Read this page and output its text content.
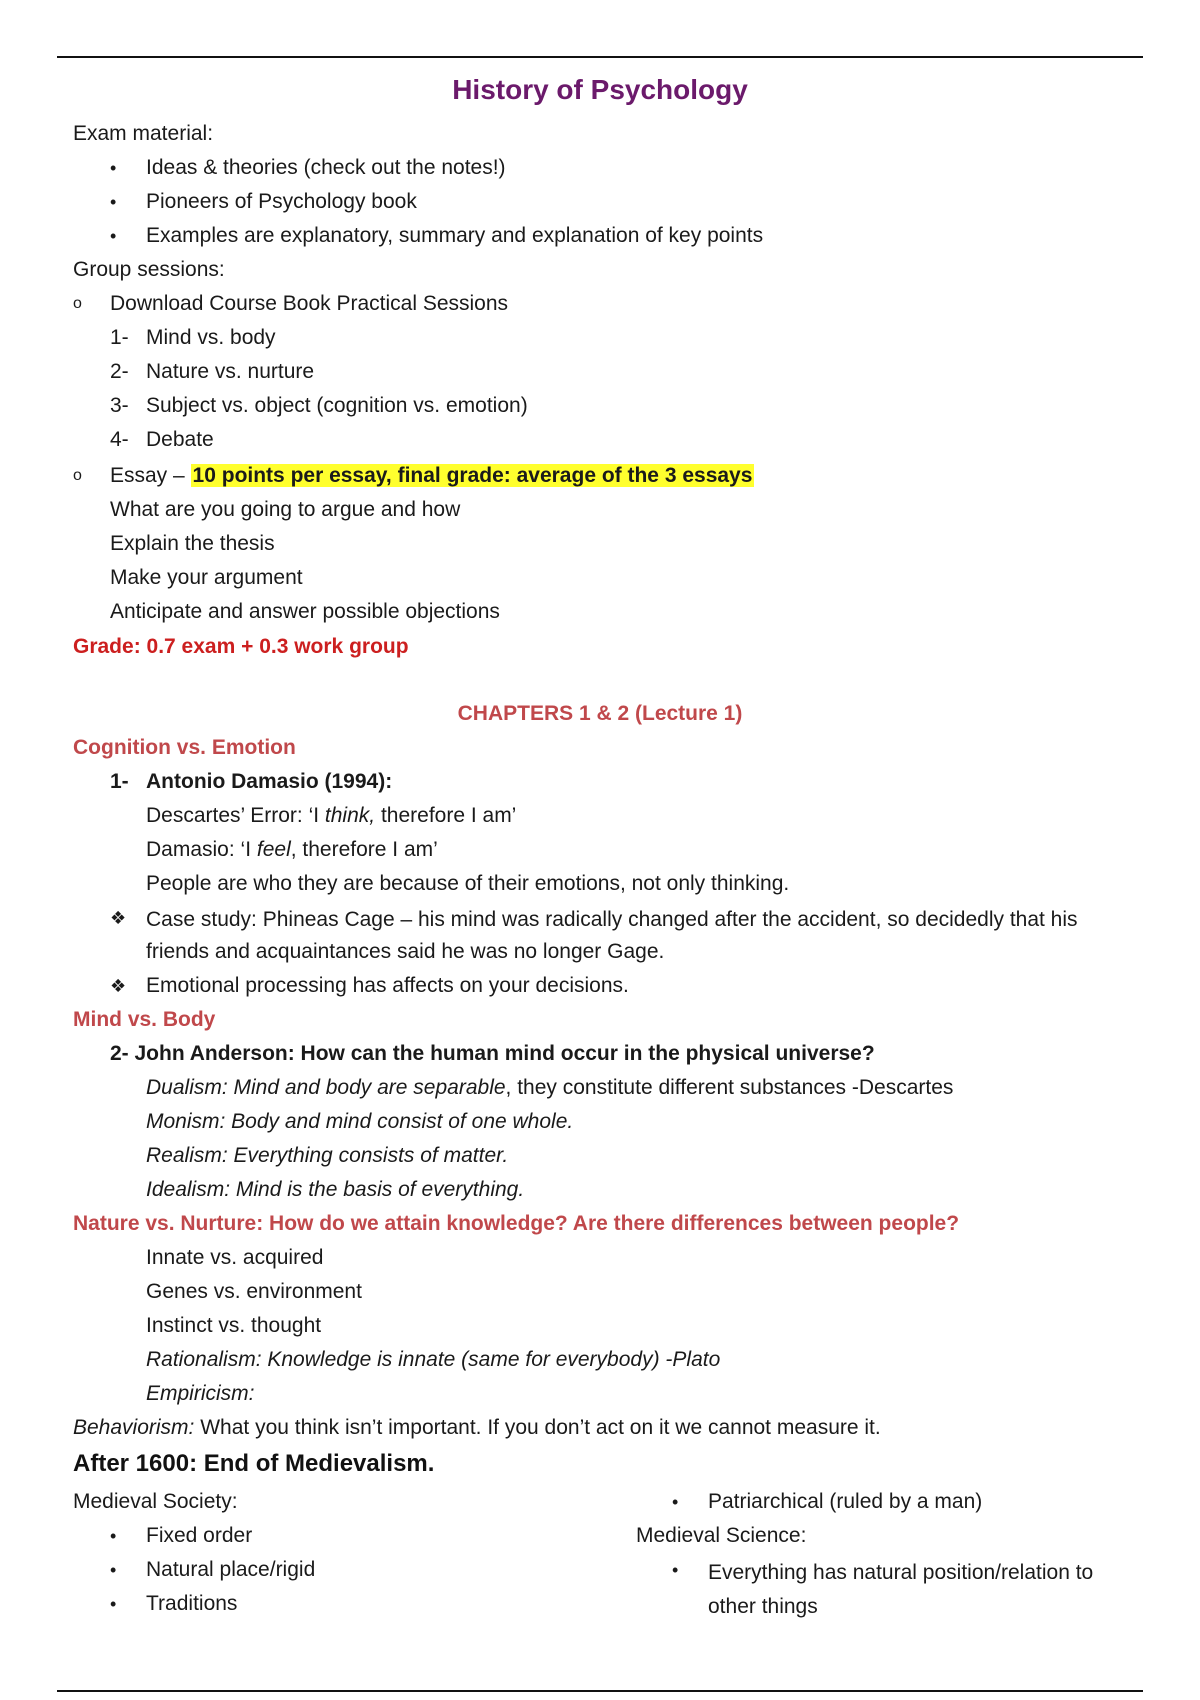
History of Psychology
Exam material:
• Ideas & theories (check out the notes!)
• Pioneers of Psychology book
• Examples are explanatory, summary and explanation of key points
Group sessions:
o Download Course Book Practical Sessions
1- Mind vs. body
2- Nature vs. nurture
3- Subject vs. object (cognition vs. emotion)
4- Debate
o Essay – 10 points per essay, final grade: average of the 3 essays
What are you going to argue and how
Explain the thesis
Make your argument
Anticipate and answer possible objections
Grade: 0.7 exam + 0.3 work group
CHAPTERS 1 & 2 (Lecture 1)
Cognition vs. Emotion
1- Antonio Damasio (1994):
Descartes’ Error: ‘I think, therefore I am’
Damasio: ‘I feel, therefore I am’
People are who they are because of their emotions, not only thinking.
❖ Case study: Phineas Cage – his mind was radically changed after the accident, so decidedly that his friends and acquaintances said he was no longer Gage.
❖ Emotional processing has affects on your decisions.
Mind vs. Body
2- John Anderson: How can the human mind occur in the physical universe?
Dualism: Mind and body are separable, they constitute different substances -Descartes
Monism: Body and mind consist of one whole.
Realism: Everything consists of matter.
Idealism: Mind is the basis of everything.
Nature vs. Nurture: How do we attain knowledge? Are there differences between people?
Innate vs. acquired
Genes vs. environment
Instinct vs. thought
Rationalism: Knowledge is innate (same for everybody) -Plato
Empiricism:
Behaviorism: What you think isn’t important. If you don’t act on it we cannot measure it.
After 1600: End of Medievalism.
Medieval Society:
• Fixed order
• Natural place/rigid
• Traditions
• Patriarchical (ruled by a man)
Medieval Science:
• Everything has natural position/relation to other things
